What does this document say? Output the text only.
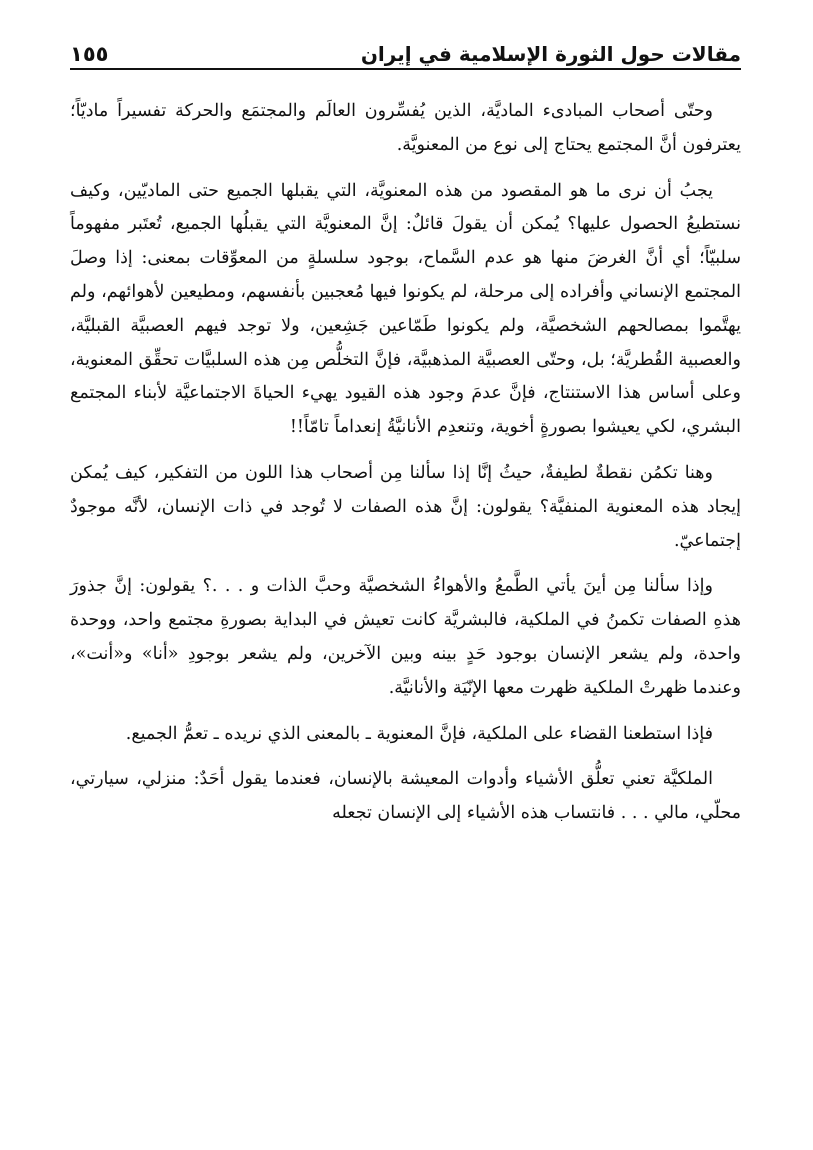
مقالات حول الثورة الإسلامية في إيران
١٥٥

وحتّى أصحاب المبادىء الماديَّة، الذين يُفسِّرون العالَم والمجتمَع والحركة تفسيراً ماديّاً؛ يعترفون أنَّ المجتمع يحتاج إلى نوع من المعنويَّة.

يجبُ أن نرى ما هو المقصود من هذه المعنويَّة، التي يقبلها الجميع حتى الماديّين، وكيف نستطيعُ الحصول عليها؟ يُمكن أن يقولَ قائلٌ: إنَّ المعنويَّة التي يقبلُها الجميع، تُعتَبر مفهوماً سلبيّاً؛ أي أنَّ الغرضَ منها هو عدم السَّماح، بوجود سلسلةٍ من المعوِّقات بمعنى: إذا وصلَ المجتمع الإنساني وأفراده إلى مرحلة، لم يكونوا فيها مُعجبين بأنفسهم، ومطيعين لأهوائهم، ولم يهتَّموا بمصالحهم الشخصيَّة، ولم يكونوا طَمّاعين جَشِعين، ولا توجد فيهم العصبيَّة القبليَّة، والعصبية القُطريَّة؛ بل، وحتّى العصبيَّة المذهبيَّة، فإنَّ التخلُّص مِن هذه السلبيَّات تحقِّق المعنوية، وعلى أساس هذا الاستنتاج، فإنَّ عدمَ وجود هذه القيود يهيء الحياةَ الاجتماعيَّة لأبناء المجتمع البشري، لكي يعيشوا بصورةٍ أخوية، وتنعدِم الأنانيَّةُ إنعداماً تامّاً!!

وهنا تكمُن نقطةٌ لطيفةٌ، حيثُ إنَّا إذا سألنا مِن أصحاب هذا اللون من التفكير، كيف يُمكن إيجاد هذه المعنوية المنفيَّة؟ يقولون: إنَّ هذه الصفات لا تُوجد في ذات الإنسان، لأنَّه موجودٌ إجتماعيّ.

وإذا سألنا مِن أينَ يأتي الطَّمعُ والأهواءُ الشخصيَّة وحبَّ الذات و . . .؟ يقولون: إنَّ جذورَ هذهِ الصفات تكمنُ في الملكية، فالبشريَّة كانت تعيش في البداية بصورةِ مجتمع واحد، ووحدة واحدة، ولم يشعر الإنسان بوجود حَدٍ بينه وبين الآخرين، ولم يشعر بوجودِ «أنا» و«أنت»، وعندما ظهرتْ الملكية ظهرت معها الإنّيَة والأنانيَّة.

فإذا استطعنا القضاء على الملكية، فإنَّ المعنوية ـ بالمعنى الذي نريده ـ تعمُّ الجميع.

الملكيَّة تعني تعلُّق الأشياء وأدوات المعيشة بالإنسان، فعندما يقول أحَدٌ: منزلي، سيارتي، محلّي، مالي . . . فانتساب هذه الأشياء إلى الإنسان تجعله
